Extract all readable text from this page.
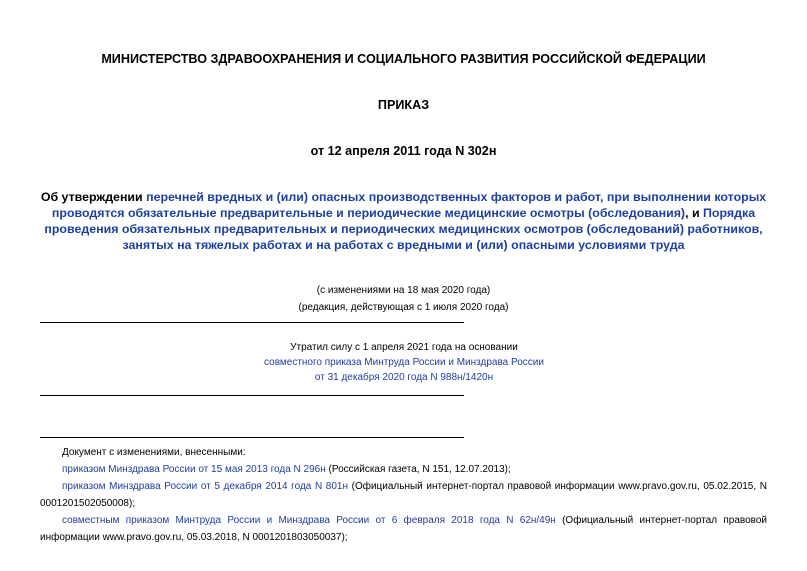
МИНИСТЕРСТВО ЗДРАВООХРАНЕНИЯ И СОЦИАЛЬНОГО РАЗВИТИЯ РОССИЙСКОЙ ФЕДЕРАЦИИ
ПРИКАЗ
от 12 апреля 2011 года N 302н
Об утверждении перечней вредных и (или) опасных производственных факторов и работ, при выполнении которых проводятся обязательные предварительные и периодические медицинские осмотры (обследования), и Порядка проведения обязательных предварительных и периодических медицинских осмотров (обследований) работников, занятых на тяжелых работах и на работах с вредными и (или) опасными условиями труда
(с изменениями на 18 мая 2020 года)
(редакция, действующая с 1 июля 2020 года)
Утратил силу с 1 апреля 2021 года на основании
совместного приказа Минтруда России и Минздрава России
от 31 декабря 2020 года N 988н/1420н

Документ с изменениями, внесенными:

приказом Минздрава России от 15 мая 2013 года N 296н (Российская газета, N 151, 12.07.2013);

приказом Минздрава России от 5 декабря 2014 года N 801н (Официальный интернет-портал правовой информации www.pravo.gov.ru, 05.02.2015, N 0001201502050008);

совместным приказом Минтруда России и Минздрава России от 6 февраля 2018 года N 62н/49н (Официальный интернет-портал правовой информации www.pravo.gov.ru, 05.03.2018, N 0001201803050037);
